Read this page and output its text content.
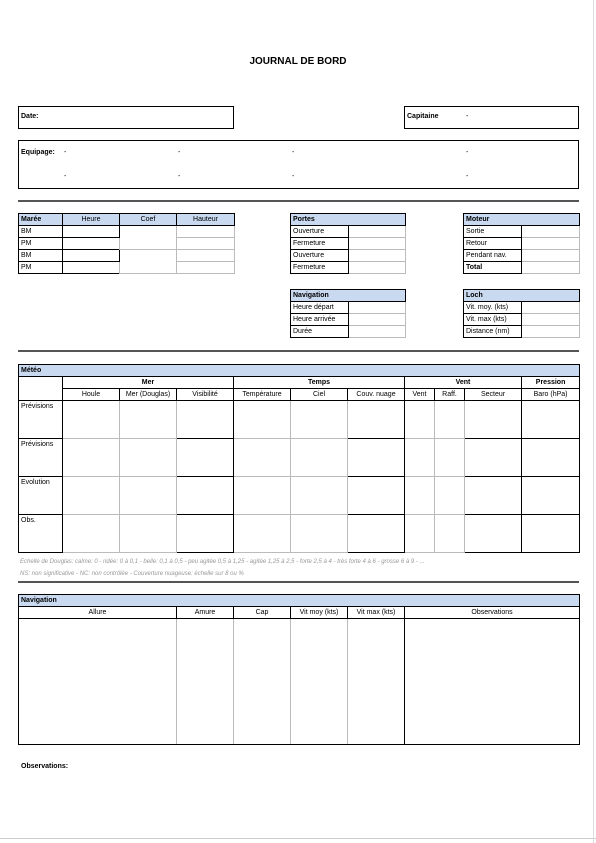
JOURNAL DE BORD
Date:	Capitaine	-
Equipage: -	-	-	-
-	-	-	-
Marée	Heure	Coef	Hauteur
BM			
PM			
BM			
PM			
Portes	
Ouverture	
Fermeture	
Ouverture	
Fermeture	
Moteur	
Sortie	
Retour	
Pendant nav.	
Total	
Navigation	
Heure départ	
Heure arrivée	
Durée	
Loch	
Vit. moy. (kts)	
Vit. max (kts)	
Distance (nm)	
Météo										
	Mer			Temps			Vent			Pression
	Houle	Mer (Douglas)	Visibilité	Température	Ciel	Couv. nuage	Vent	Raff.	Secteur	Baro (hPa)
Prévisions										
Prévisions										
Evolution										
Obs.										
Echelle de Douglas: calme: 0 - ridée: 0 à 0,1 - belle: 0,1 à 0,5 - peu agitée 0,5 à 1,25 - agitée 1,25 à 2,5 - forte 2,5 à 4 - très forte 4 à 6 - grosse 6 à 9 - ...
NS: non significative - NC: non contrôlée - Couverture nuageuse: échelle sur 8 ou %
Navigation					
Allure	Amure	Cap	Vit moy (kts)	Vit max (kts)	Observations

Observations:
